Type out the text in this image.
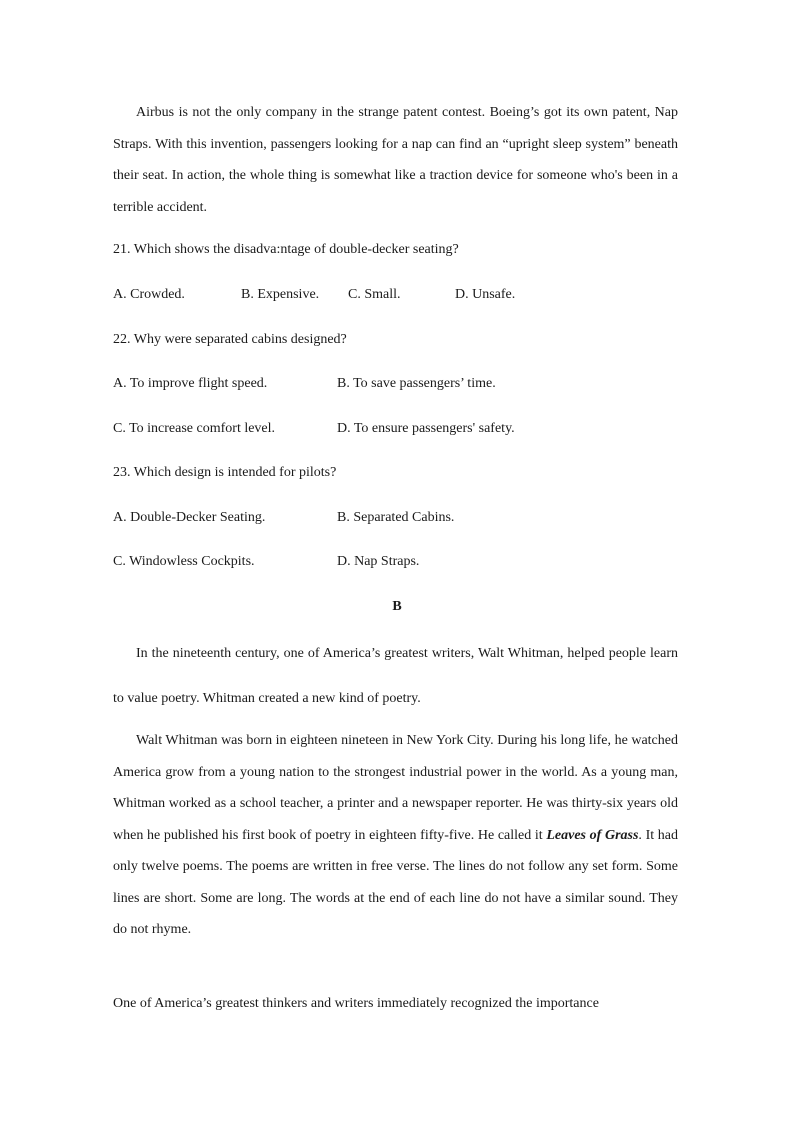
Airbus is not the only company in the strange patent contest. Boeing’s got its own patent, Nap Straps. With this invention, passengers looking for a nap can find an “upright sleep system” beneath their seat. In action, the whole thing is somewhat like a traction device for someone who's been in a terrible accident.

21. Which shows the disadva:ntage of double-decker seating?

A. Crowded.	B. Expensive. C. Small.	D. Unsafe.

22. Why were separated cabins designed?

A. To improve flight speed.	B. To save passengers’ time.
C. To increase comfort level.	D. To ensure passengers' safety.

23. Which design is intended for pilots?

A. Double-Decker Seating.	B. Separated Cabins.
C. Windowless Cockpits.	D. Nap Straps.
B

In the nineteenth century, one of America’s greatest writers, Walt Whitman, helped people learn to value poetry. Whitman created a new kind of poetry.

Walt Whitman was born in eighteen nineteen in New York City. During his long life, he watched America grow from a young nation to the strongest industrial power in the world. As a young man, Whitman worked as a school teacher, a printer and a newspaper reporter. He was thirty-six years old when he published his first book of poetry in eighteen fifty-five. He called it Leaves of Grass. It had only twelve poems. The poems are written in free verse. The lines do not follow any set form. Some lines are short. Some are long. The words at the end of each line do not have a similar sound. They do not rhyme.

One of America’s greatest thinkers and writers immediately recognized the importance
